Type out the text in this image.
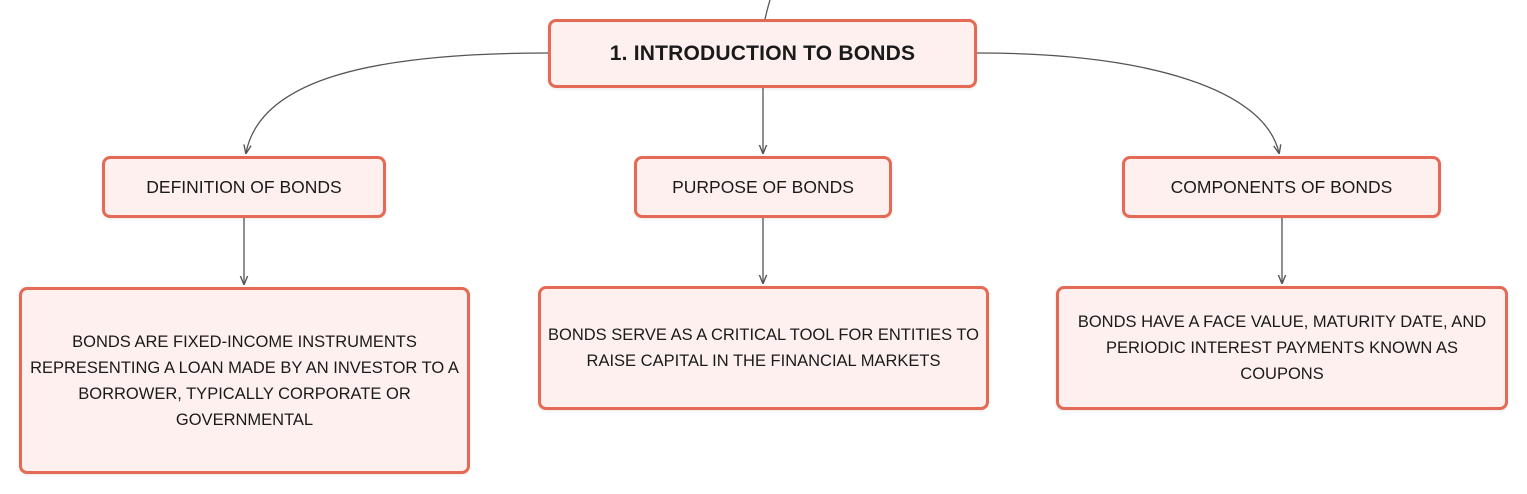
1. INTRODUCTION TO BONDS
DEFINITION OF BONDS	PURPOSE OF BONDS	COMPONENTS OF BONDS
BONDS ARE FIXED-INCOME INSTRUMENTS REPRESENTING A LOAN MADE BY AN INVESTOR TO A BORROWER, TYPICALLY CORPORATE OR GOVERNMENTAL
BONDS SERVE AS A CRITICAL TOOL FOR ENTITIES TO RAISE CAPITAL IN THE FINANCIAL MARKETS
BONDS HAVE A FACE VALUE, MATURITY DATE, AND PERIODIC INTEREST PAYMENTS KNOWN AS COUPONS
